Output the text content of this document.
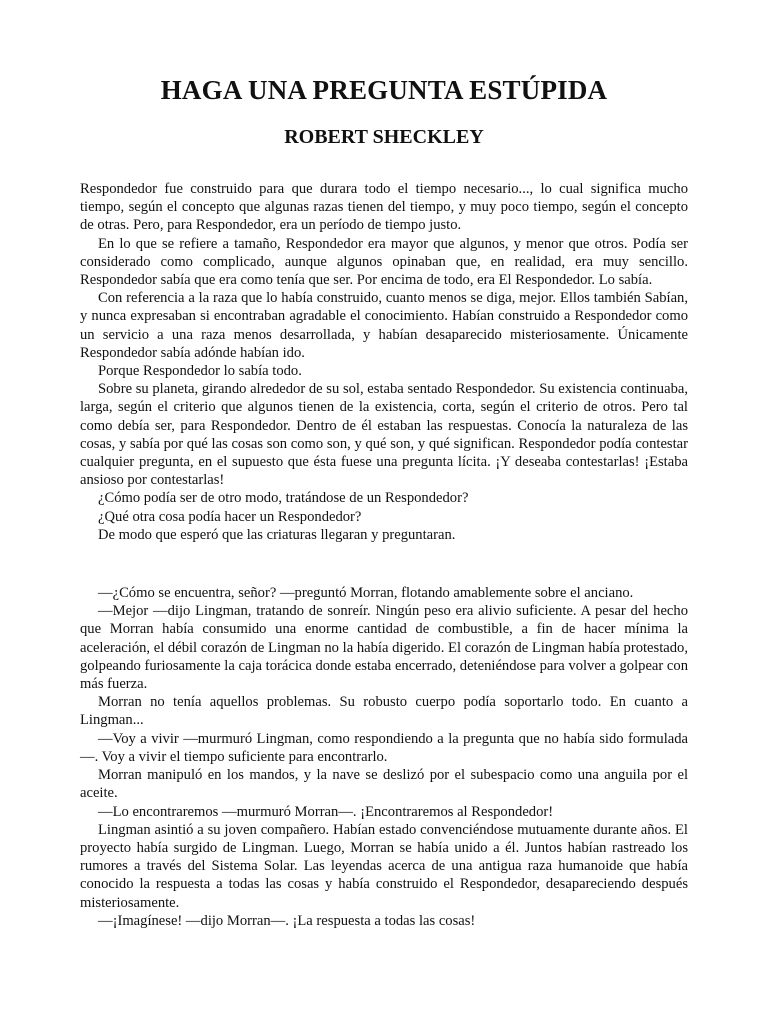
HAGA UNA PREGUNTA ESTÚPIDA
ROBERT SHECKLEY

Respondedor fue construido para que durara todo el tiempo necesario..., lo cual significa mucho tiempo, según el concepto que algunas razas tienen del tiempo, y muy poco tiempo, según el concepto de otras. Pero, para Respondedor, era un período de tiempo justo.

En lo que se refiere a tamaño, Respondedor era mayor que algunos, y menor que otros. Podía ser considerado como complicado, aunque algunos opinaban que, en realidad, era muy sencillo. Respondedor sabía que era como tenía que ser. Por encima de todo, era El Respondedor. Lo sabía.

Con referencia a la raza que lo había construido, cuanto menos se diga, mejor. Ellos también Sabían, y nunca expresaban si encontraban agradable el conocimiento. Habían construido a Respondedor como un servicio a una raza menos desarrollada, y habían desaparecido misteriosamente. Únicamente Respondedor sabía adónde habían ido.

Porque Respondedor lo sabía todo.

Sobre su planeta, girando alrededor de su sol, estaba sentado Respondedor. Su existencia continuaba, larga, según el criterio que algunos tienen de la existencia, corta, según el criterio de otros. Pero tal como debía ser, para Respondedor. Dentro de él estaban las respuestas. Conocía la naturaleza de las cosas, y sabía por qué las cosas son como son, y qué son, y qué significan. Respondedor podía contestar cualquier pregunta, en el supuesto que ésta fuese una pregunta lícita. ¡Y deseaba contestarlas! ¡Estaba ansioso por contestarlas!

¿Cómo podía ser de otro modo, tratándose de un Respondedor?

¿Qué otra cosa podía hacer un Respondedor?

De modo que esperó que las criaturas llegaran y preguntaran.

—¿Cómo se encuentra, señor? —preguntó Morran, flotando amablemente sobre el anciano.

—Mejor —dijo Lingman, tratando de sonreír. Ningún peso era alivio suficiente. A pesar del hecho que Morran había consumido una enorme cantidad de combustible, a fin de hacer mínima la aceleración, el débil corazón de Lingman no la había digerido. El corazón de Lingman había protestado, golpeando furiosamente la caja torácica donde estaba encerrado, deteniéndose para volver a golpear con más fuerza.

Morran no tenía aquellos problemas. Su robusto cuerpo podía soportarlo todo. En cuanto a Lingman...

—Voy a vivir —murmuró Lingman, como respondiendo a la pregunta que no había sido formulada—. Voy a vivir el tiempo suficiente para encontrarlo.

Morran manipuló en los mandos, y la nave se deslizó por el subespacio como una anguila por el aceite.

—Lo encontraremos —murmuró Morran—. ¡Encontraremos al Respondedor!

Lingman asintió a su joven compañero. Habían estado convenciéndose mutuamente durante años. El proyecto había surgido de Lingman. Luego, Morran se había unido a él. Juntos habían rastreado los rumores a través del Sistema Solar. Las leyendas acerca de una antigua raza humanoide que había conocido la respuesta a todas las cosas y había construido el Respondedor, desapareciendo después misteriosamente.

—¡Imagínese! —dijo Morran—. ¡La respuesta a todas las cosas!
